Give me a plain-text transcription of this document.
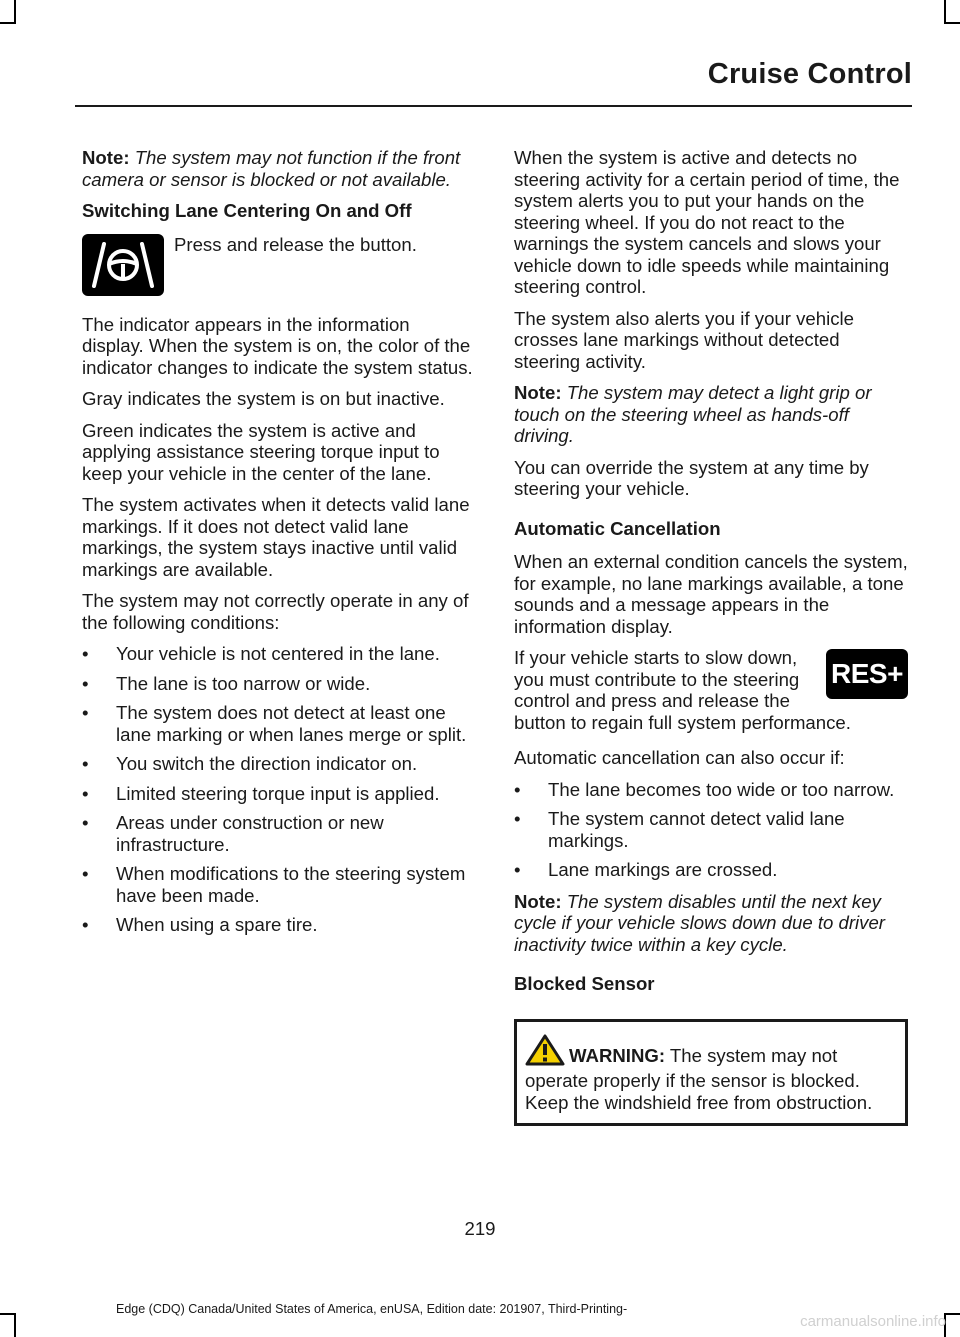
Cruise Control

Note: The system may not function if the front camera or sensor is blocked or not available.

Switching Lane Centering On and Off
Press and release the button.

The indicator appears in the information display. When the system is on, the color of the indicator changes to indicate the system status.

Gray indicates the system is on but inactive.

Green indicates the system is active and applying assistance steering torque input to keep your vehicle in the center of the lane.

The system activates when it detects valid lane markings. If it does not detect valid lane markings, the system stays inactive until valid markings are available.

The system may not correctly operate in any of the following conditions:

• Your vehicle is not centered in the lane.
• The lane is too narrow or wide.
• The system does not detect at least one lane marking or when lanes merge or split.
• You switch the direction indicator on.
• Limited steering torque input is applied.
• Areas under construction or new infrastructure.
• When modifications to the steering system have been made.
• When using a spare tire.

When the system is active and detects no steering activity for a certain period of time, the system alerts you to put your hands on the steering wheel. If you do not react to the warnings the system cancels and slows your vehicle down to idle speeds while maintaining steering control.

The system also alerts you if your vehicle crosses lane markings without detected steering activity.

Note: The system may detect a light grip or touch on the steering wheel as hands-off driving.

You can override the system at any time by steering your vehicle.

Automatic Cancellation

When an external condition cancels the system, for example, no lane markings available, a tone sounds and a message appears in the information display.

RES+
If your vehicle starts to slow down, you must contribute to the steering control and press and release the button to regain full system performance.

Automatic cancellation can also occur if:

• The lane becomes too wide or too narrow.
• The system cannot detect valid lane markings.
• Lane markings are crossed.

Note: The system disables until the next key cycle if your vehicle slows down due to driver inactivity twice within a key cycle.

Blocked Sensor
WARNING: The system may not operate properly if the sensor is blocked. Keep the windshield free from obstruction.
219
Edge (CDQ) Canada/United States of America, enUSA, Edition date: 201907, Third-Printing-
carmanualsonline.info
